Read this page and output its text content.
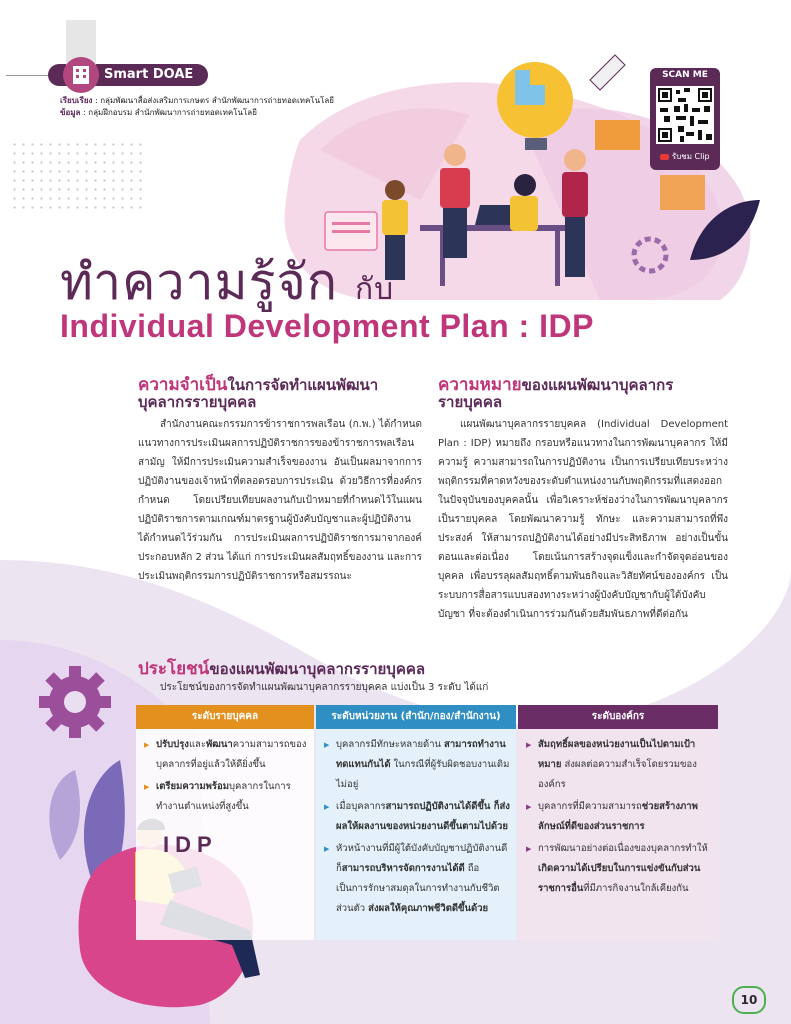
Smart DOAE
เรียบเรียง : กลุ่มพัฒนาสื่อส่งเสริมการเกษตร สำนักพัฒนาการถ่ายทอดเทคโนโลยี
ข้อมูล : กลุ่มฝึกอบรม สำนักพัฒนาการถ่ายทอดเทคโนโลยี
SCAN ME
รับชม Clip
ทำความรู้จัก กับ
Individual Development Plan : IDP
ความจำเป็นในการจัดทำแผนพัฒนา
บุคลากรรายบุคคล
สำนักงานคณะกรรมการข้าราชการพลเรือน (ก.พ.) ได้กำหนดแนวทางการประเมินผลการปฏิบัติราชการของข้าราชการพลเรือนสามัญ ให้มีการประเมินความสำเร็จของงาน อันเป็นผลมาจากการปฏิบัติงานของเจ้าหน้าที่ตลอดรอบการประเมิน ด้วยวิธีการที่องค์กรกำหนด โดยเปรียบเทียบผลงานกับเป้าหมายที่กำหนดไว้ในแผนปฏิบัติราชการตามเกณฑ์มาตรฐานผู้บังคับบัญชาและผู้ปฏิบัติงานได้กำหนดไว้ร่วมกัน การประเมินผลการปฏิบัติราชการมาจากองค์ประกอบหลัก 2 ส่วน ได้แก่ การประเมินผลสัมฤทธิ์ของงาน และการประเมินพฤติกรรมการปฏิบัติราชการหรือสมรรถนะ
ความหมายของแผนพัฒนาบุคลากร
รายบุคคล
แผนพัฒนาบุคลากรรายบุคคล (Individual Development Plan : IDP) หมายถึง กรอบหรือแนวทางในการพัฒนาบุคลากร ให้มีความรู้ ความสามารถในการปฏิบัติงาน เป็นการเปรียบเทียบระหว่างพฤติกรรมที่คาดหวังของระดับตำแหน่งงานกับพฤติกรรมที่แสดงออกในปัจจุบันของบุคคลนั้น เพื่อวิเคราะห์ช่องว่างในการพัฒนาบุคลากรเป็นรายบุคคล โดยพัฒนาความรู้ ทักษะ และความสามารถที่พึงประสงค์ ให้สามารถปฏิบัติงานได้อย่างมีประสิทธิภาพ อย่างเป็นขั้นตอนและต่อเนื่อง โดยเน้นการสร้างจุดแข็งและกำจัดจุดอ่อนของบุคคล เพื่อบรรลุผลสัมฤทธิ์ตามพันธกิจและวิสัยทัศน์ขององค์กร เป็นระบบการสื่อสารแบบสองทางระหว่างผู้บังคับบัญชากับผู้ใต้บังคับบัญชา ที่จะต้องดำเนินการร่วมกันด้วยสัมพันธภาพที่ดีต่อกัน
ประโยชน์ของแผนพัฒนาบุคลากรรายบุคคล
ประโยชน์ของการจัดทำแผนพัฒนาบุคลากรรายบุคคล แบ่งเป็น 3 ระดับ ได้แก่
ระดับรายบุคคล
▶ ปรับปรุงและพัฒนาความสามารถของบุคลากรที่อยู่แล้วให้ดียิ่งขึ้น
▶ เตรียมความพร้อมบุคลากรในการทำงานตำแหน่งที่สูงขึ้น
ระดับหน่วยงาน (สำนัก/กอง/สำนักงาน)
▶ บุคลากรมีทักษะหลายด้าน สามารถทำงานทดแทนกันได้ ในกรณีที่ผู้รับผิดชอบงานเดิมไม่อยู่
▶ เมื่อบุคลากรสามารถปฏิบัติงานได้ดีขึ้น ก็ส่งผลให้ผลงานของหน่วยงานดีขึ้นตามไปด้วย
▶ หัวหน้างานที่มีผู้ใต้บังคับบัญชาปฏิบัติงานดี ก็สามารถบริหารจัดการงานได้ดี ถือเป็นการรักษาสมดุลในการทำงานกับชีวิตส่วนตัว ส่งผลให้คุณภาพชีวิตดีขึ้นด้วย
ระดับองค์กร
▶ สัมฤทธิ์ผลของหน่วยงานเป็นไปตามเป้าหมาย ส่งผลต่อความสำเร็จโดยรวมขององค์กร
▶ บุคลากรที่มีความสามารถช่วยสร้างภาพลักษณ์ที่ดีของส่วนราชการ
▶ การพัฒนาอย่างต่อเนื่องของบุคลากรทำให้เกิดความได้เปรียบในการแข่งขันกับส่วนราชการอื่นที่มีภารกิจงานใกล้เคียงกัน
IDP
10
